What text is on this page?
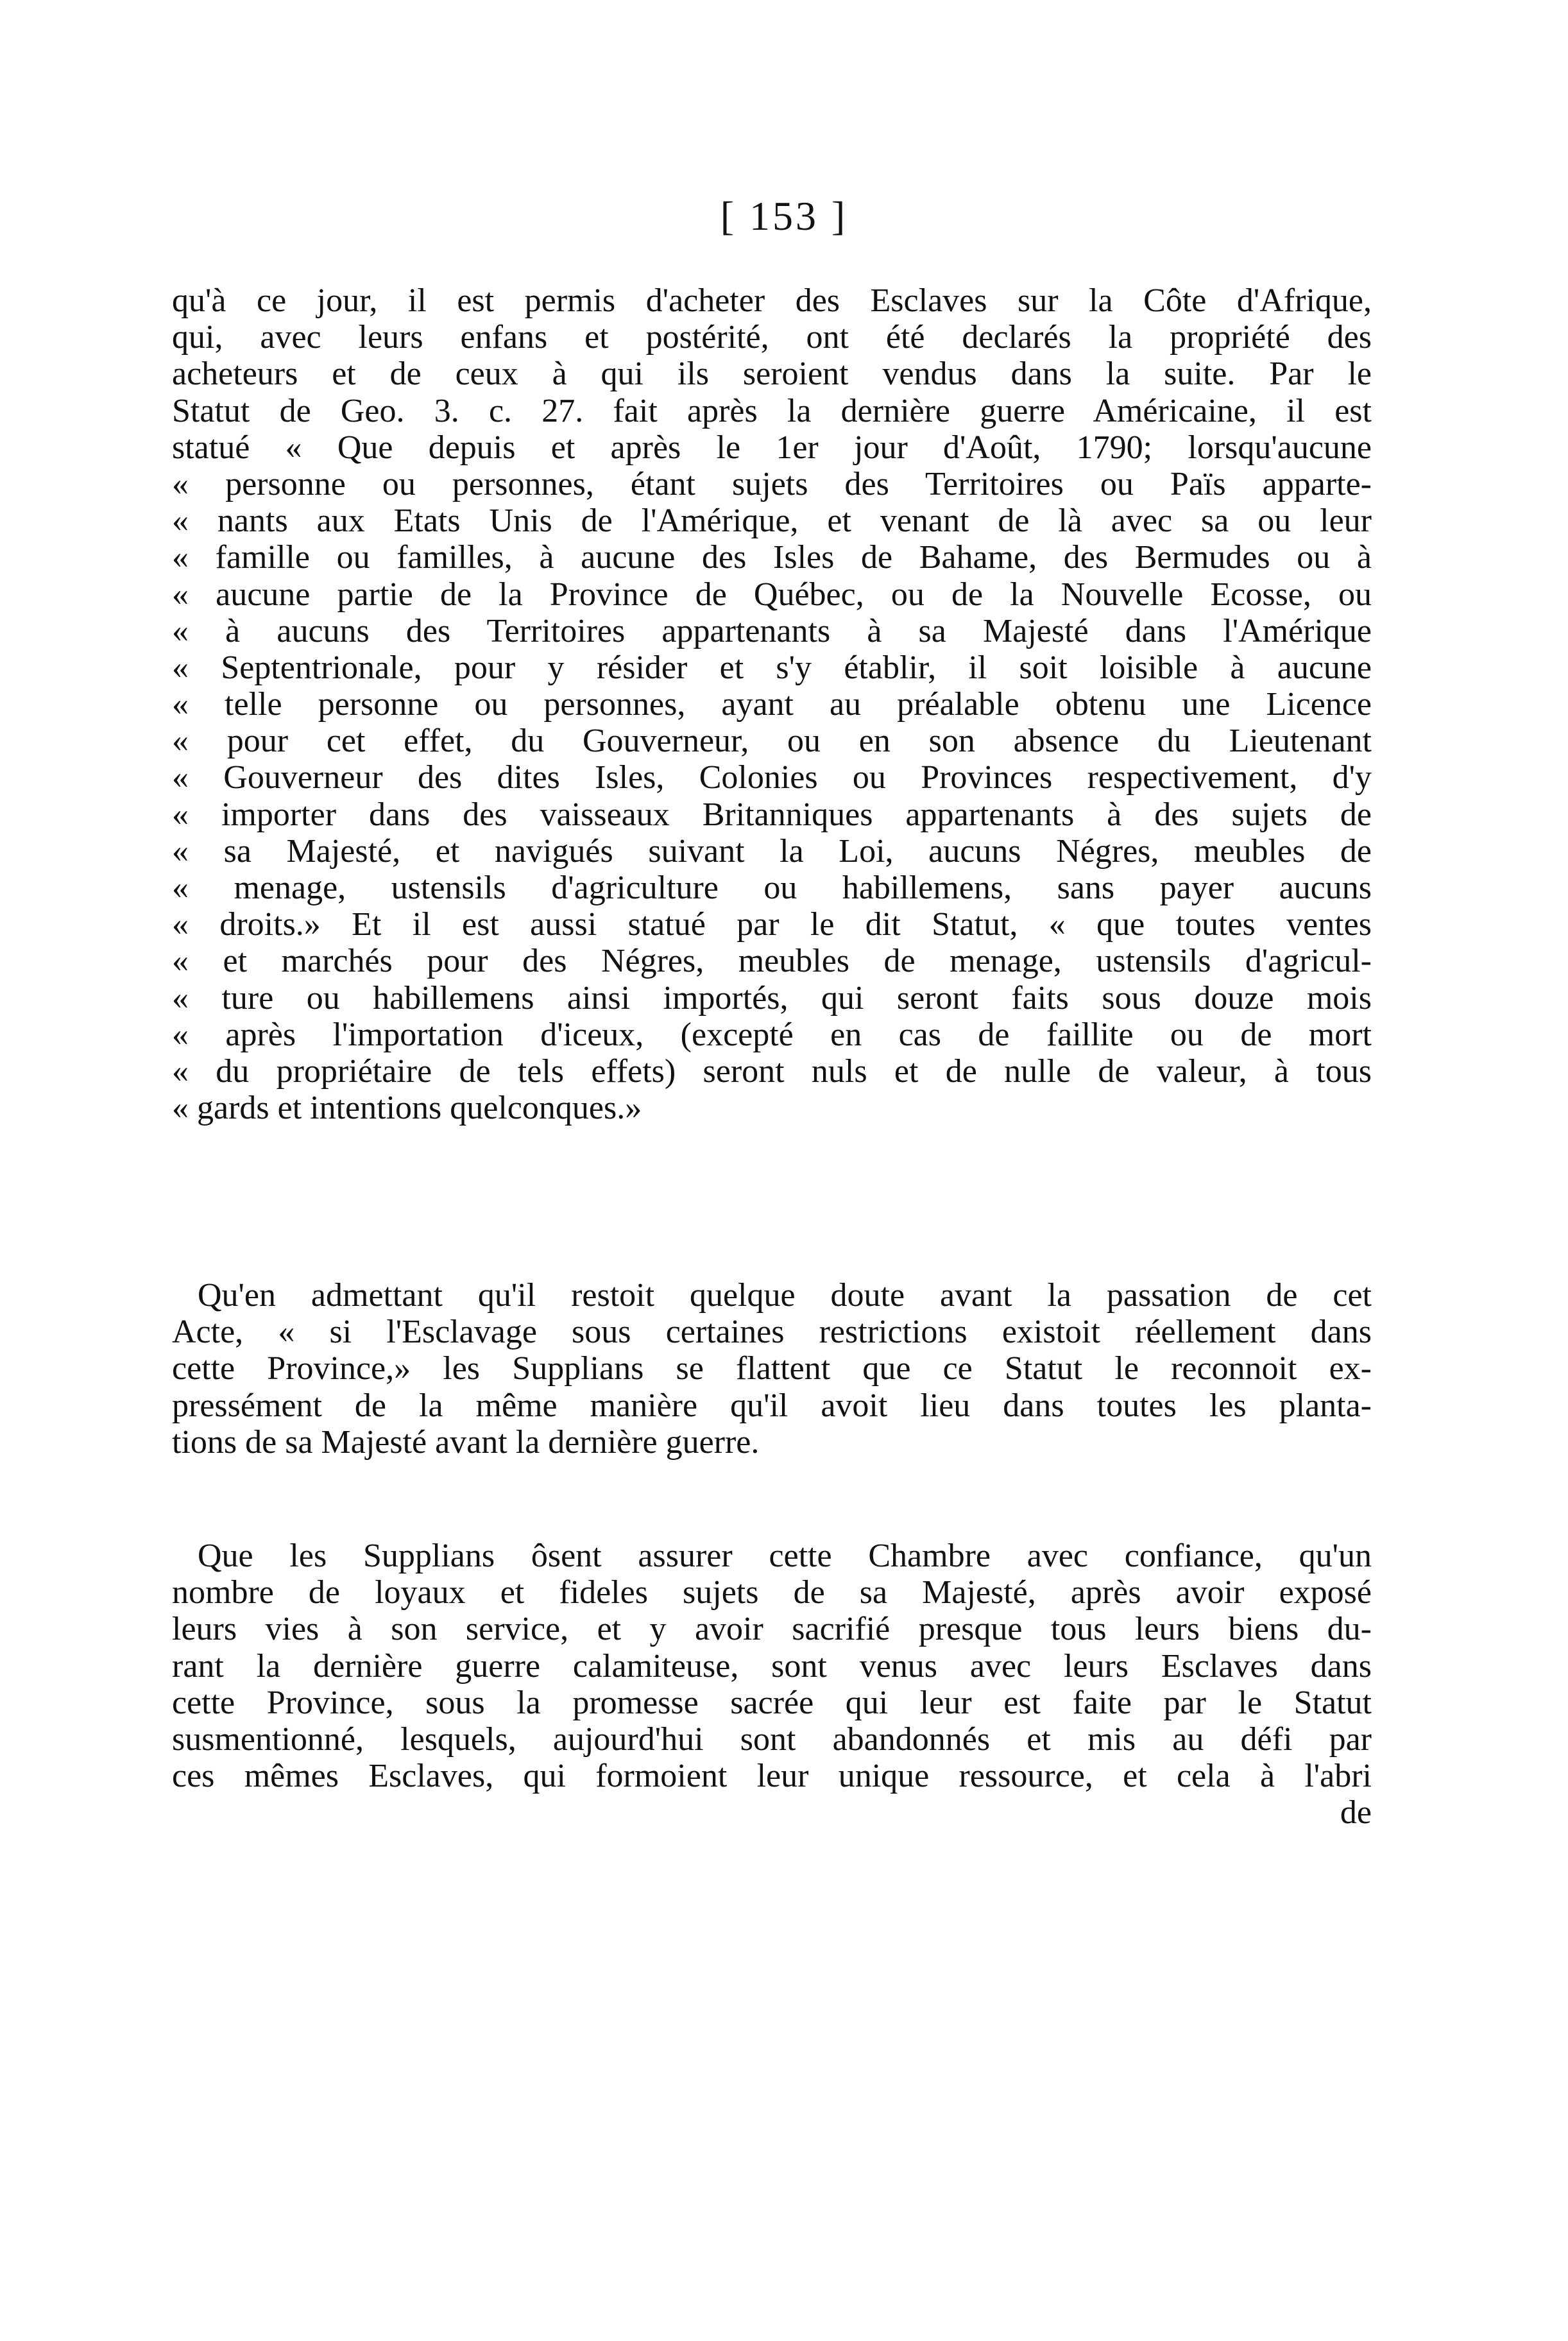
[ 153 ]
qu'à ce jour, il est permis d'acheter des Esclaves sur la Côte d'Afrique,
qui, avec leurs enfans et postérité, ont été declarés la propriété des
acheteurs et de ceux à qui ils seroient vendus dans la suite. Par le
Statut de Geo. 3. c. 27. fait après la dernière guerre Américaine, il est
statué « Que depuis et après le 1er jour d'Août, 1790; lorsqu'aucune
« personne ou personnes, étant sujets des Territoires ou Païs apparte-
« nants aux Etats Unis de l'Amérique, et venant de là avec sa ou leur
« famille ou familles, à aucune des Isles de Bahame, des Bermudes ou à
« aucune partie de la Province de Québec, ou de la Nouvelle Ecosse, ou
« à aucuns des Territoires appartenants à sa Majesté dans l'Amérique
« Septentrionale, pour y résider et s'y établir, il soit loisible à aucune
« telle personne ou personnes, ayant au préalable obtenu une Licence
« pour cet effet, du Gouverneur, ou en son absence du Lieutenant
« Gouverneur des dites Isles, Colonies ou Provinces respectivement, d'y
« importer dans des vaisseaux Britanniques appartenants à des sujets de
« sa Majesté, et navigués suivant la Loi, aucuns Négres, meubles de
« menage, ustensils d'agriculture ou habillemens, sans payer aucuns
« droits.» Et il est aussi statué par le dit Statut, « que toutes ventes
« et marchés pour des Négres, meubles de menage, ustensils d'agricul-
« ture ou habillemens ainsi importés, qui seront faits sous douze mois
« après l'importation d'iceux, (excepté en cas de faillite ou de mort
« du propriétaire de tels effets) seront nuls et de nulle de valeur, à tous
« gards et intentions quelconques.»
Qu'en admettant qu'il restoit quelque doute avant la passation de cet
Acte, « si l'Esclavage sous certaines restrictions existoit réellement dans
cette Province,» les Supplians se flattent que ce Statut le reconnoit ex-
pressément de la même manière qu'il avoit lieu dans toutes les planta-
tions de sa Majesté avant la dernière guerre.
Que les Supplians ôsent assurer cette Chambre avec confiance, qu'un
nombre de loyaux et fideles sujets de sa Majesté, après avoir exposé
leurs vies à son service, et y avoir sacrifié presque tous leurs biens du-
rant la dernière guerre calamiteuse, sont venus avec leurs Esclaves dans
cette Province, sous la promesse sacrée qui leur est faite par le Statut
susmentionné, lesquels, aujourd'hui sont abandonnés et mis au défi par
ces mêmes Esclaves, qui formoient leur unique ressource, et cela à l'abri
de
